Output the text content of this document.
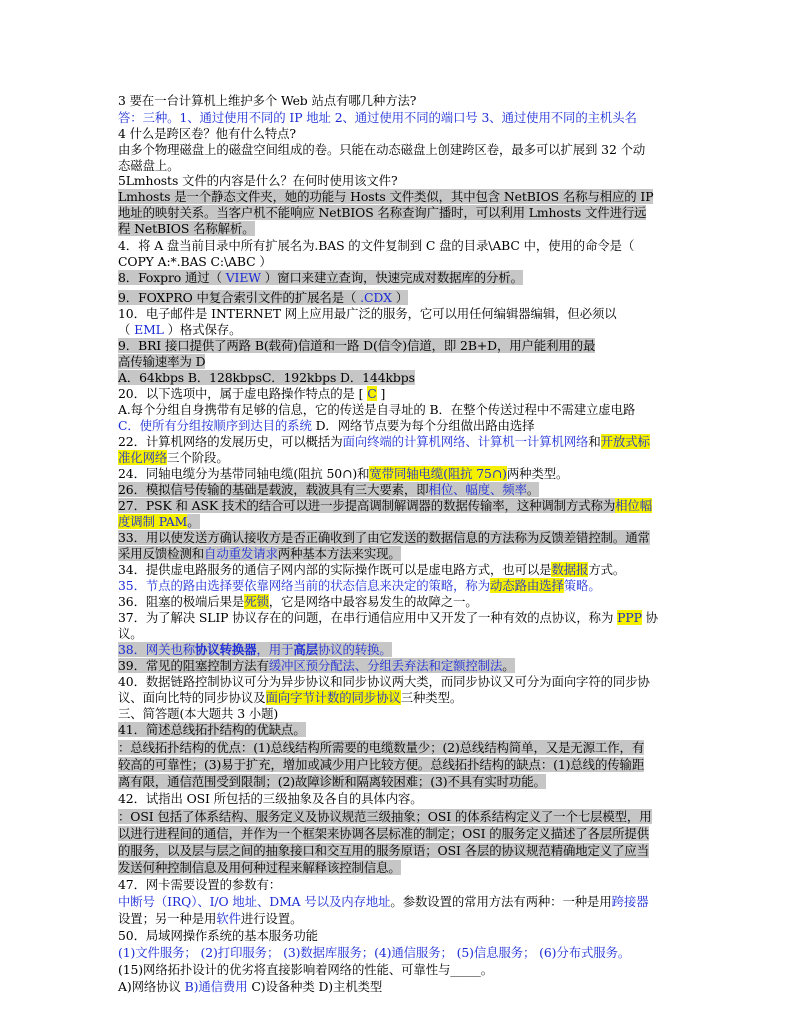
3 要在一台计算机上维护多个 Web 站点有哪几种方法?
答：三种。1、通过使用不同的 IP 地址 2、通过使用不同的端口号 3、通过使用不同的主机头名
4 什么是跨区卷？他有什么特点?
由多个物理磁盘上的磁盘空间组成的卷。只能在动态磁盘上创建跨区卷，最多可以扩展到 32 个动
态磁盘上。
5Lmhosts 文件的内容是什么？在何时使用该文件?
Lmhosts 是一个静态文件夹，她的功能与 Hosts 文件类似，其中包含 NetBIOS 名称与相应的 IP
地址的映射关系。当客户机不能响应 NetBIOS 名称查询广播时，可以利用 Lmhosts 文件进行远
程 NetBIOS 名称解析。
4．将 A 盘当前目录中所有扩展名为.BAS 的文件复制到 C 盘的目录\ABC 中，使用的命令是（
COPY A:*.BAS C:\ABC ）
8．Foxpro 通过（ VIEW ）窗口来建立查询，快速完成对数据库的分析。
9．FOXPRO 中复合索引文件的扩展名是（ .CDX ）
10．电子邮件是 INTERNET 网上应用最广泛的服务，它可以用任何编辑器编辑，但必须以
（ EML ）格式保存。
9．BRI 接口提供了两路 B(载荷)信道和一路 D(信令)信道，即 2B+D，用户能利用的最
高传输速率为 D
A．64kbps B．128kbpsC．192kbps D．144kbps
20．以下选项中，属于虚电路操作特点的是 [ C ]
A.每个分组自身携带有足够的信息，它的传送是自寻址的 B．在整个传送过程中不需建立虚电路
C．使所有分组按顺序到达目的系统 D．网络节点要为每个分组做出路由选择
22．计算机网络的发展历史，可以概括为面向终端的计算机网络、计算机一计算机网络和开放式标
准化网络三个阶段。
24．同轴电缆分为基带同轴电缆(阻抗 50∩)和宽带同轴电缆(阻抗 75∩)两种类型。
26．模拟信号传输的基础是载波，载波具有三大要素，即相位、幅度、频率。
27．PSK 和 ASK 技术的结合可以进一步提高调制解调器的数据传输率，这种调制方式称为相位幅
度调制 PAM。
33．用以使发送方确认接收方是否正确收到了由它发送的数据信息的方法称为反馈差错控制。通常
采用反馈检测和自动重发请求两种基本方法来实现。
34．提供虚电路服务的通信子网内部的实际操作既可以是虚电路方式，也可以是数据报方式。
35．节点的路由选择要依靠网络当前的状态信息来决定的策略，称为动态路由选择策略。
36．阻塞的极端后果是死锁，它是网络中最容易发生的故障之一。
37．为了解决 SLIP 协议存在的问题，在串行通信应用中又开发了一种有效的点协议，称为 PPP 协
议。
38．网关也称协议转换器，用于高层协议的转换。
39．常见的阻塞控制方法有缓冲区预分配法、分组丢弃法和定额控制法。
40．数据链路控制协议可分为异步协议和同步协议两大类，而同步协议又可分为面向字符的同步协
议、面向比特的同步协议及面向字节计数的同步协议三种类型。
三、简答题(本大题共 3 小题)
41．简述总线拓扑结构的优缺点。
：总线拓扑结构的优点：(1)总线结构所需要的电缆数量少；(2)总线结构简单，又是无源工作，有
较高的可靠性；(3)易于扩充，增加或减少用户比较方便。总线拓扑结构的缺点：(1)总线的传输距
离有限，通信范围受到限制；(2)故障诊断和隔离较困难；(3)不具有实时功能。
42．试指出 OSI 所包括的三级抽象及各自的具体内容。
：OSI 包括了体系结构、服务定义及协议规范三级抽象；OSI 的体系结构定义了一个七层模型，用
以进行进程间的通信，并作为一个框架来协调各层标准的制定；OSI 的服务定义描述了各层所提供
的服务，以及层与层之间的抽象接口和交互用的服务原语；OSI 各层的协议规范精确地定义了应当
发送何种控制信息及用何种过程来解释该控制信息。
47．网卡需要设置的参数有：
中断号（IRQ）、I/O 地址、DMA 号以及内存地址。参数设置的常用方法有两种：一种是用跨接器
设置；另一种是用软件进行设置。
50．局域网操作系统的基本服务功能
(1)文件服务； (2)打印服务； (3)数据库服务；(4)通信服务； (5)信息服务； (6)分布式服务。
(15)网络拓扑设计的优劣将直接影响着网络的性能、可靠性与_____。
A)网络协议 B)通信费用 C)设备种类 D)主机类型
